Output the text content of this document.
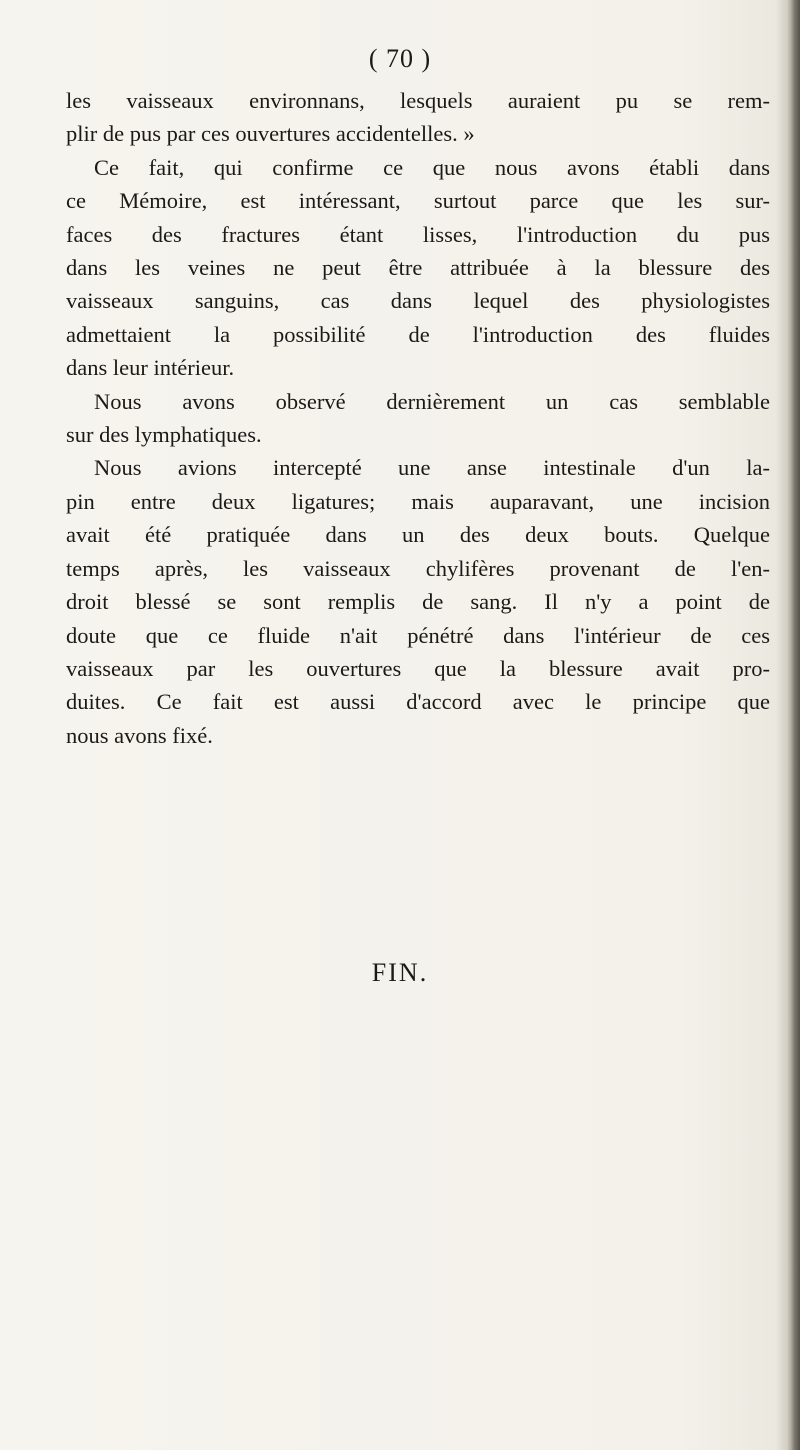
( 70 )
les vaisseaux environnans, lesquels auraient pu se rem-
plir de pus par ces ouvertures accidentelles. »
Ce fait, qui confirme ce que nous avons établi dans
ce Mémoire, est intéressant, surtout parce que les sur-
faces des fractures étant lisses, l'introduction du pus
dans les veines ne peut être attribuée à la blessure des
vaisseaux sanguins, cas dans lequel des physiologistes
admettaient la possibilité de l'introduction des fluides
dans leur intérieur.
Nous avons observé dernièrement un cas semblable
sur des lymphatiques.
Nous avions intercepté une anse intestinale d'un la-
pin entre deux ligatures; mais auparavant, une incision
avait été pratiquée dans un des deux bouts. Quelque
temps après, les vaisseaux chylifères provenant de l'en-
droit blessé se sont remplis de sang. Il n'y a point de
doute que ce fluide n'ait pénétré dans l'intérieur de ces
vaisseaux par les ouvertures que la blessure avait pro-
duites. Ce fait est aussi d'accord avec le principe que
nous avons fixé.
FIN.
